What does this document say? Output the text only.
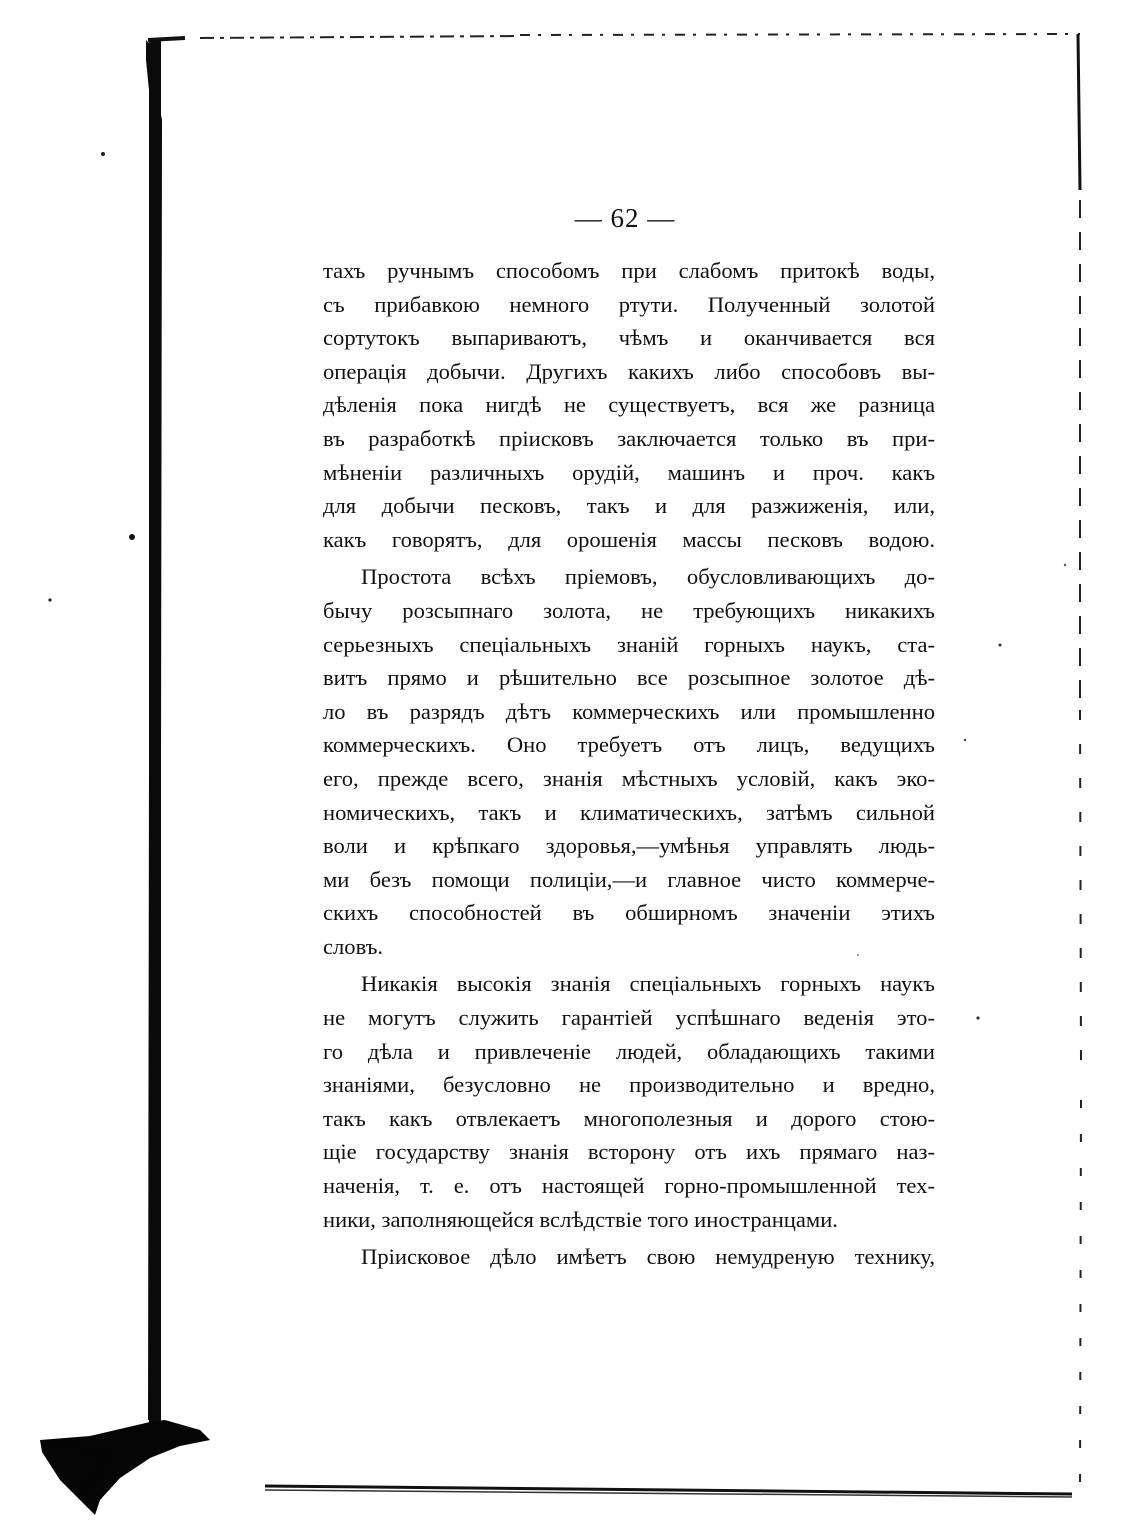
— 62 —
тахъ ручнымъ способомъ при слабомъ притокѣ воды,
съ прибавкою немного ртути. Полученный золотой
сортутокъ выпариваютъ, чѣмъ и оканчивается вся
операція добычи. Другихъ какихъ либо способовъ вы-
дѣленія пока нигдѣ не существуетъ, вся же разница
въ разработкѣ пріисковъ заключается только въ при-
мѣненіи различныхъ орудій, машинъ и проч. какъ
для добычи песковъ, такъ и для разжиженія, или,
какъ говорятъ, для орошенія массы песковъ водою.
Простота всѣхъ пріемовъ, обусловливающихъ до-
бычу розсыпнаго золота, не требующихъ никакихъ
серьезныхъ спеціальныхъ знаній горныхъ наукъ, ста-
витъ прямо и рѣшительно все розсыпное золотое дѣ-
ло въ разрядъ дѣтъ коммерческихъ или промышленно
коммерческихъ. Оно требуетъ отъ лицъ, ведущихъ
его, прежде всего, знанія мѣстныхъ условій, какъ эко-
номическихъ, такъ и климатическихъ, затѣмъ сильной
воли и крѣпкаго здоровья,—умѣнья управлять людь-
ми безъ помощи полиціи,—и главное чисто коммерче-
скихъ способностей въ обширномъ значеніи этихъ
словъ.
Никакія высокія знанія спеціальныхъ горныхъ наукъ
не могутъ служить гарантіей успѣшнаго веденія это-
го дѣла и привлеченіе людей, обладающихъ такими
знаніями, безусловно не производительно и вредно,
такъ какъ отвлекаетъ многополезныя и дорого стою-
щіе государству знанія всторону отъ ихъ прямаго наз-
наченія, т. е. отъ настоящей горно-промышленной тех-
ники, заполняющейся вслѣдствіе того иностранцами.
Пріисковое дѣло имѣетъ свою немудреную технику,
